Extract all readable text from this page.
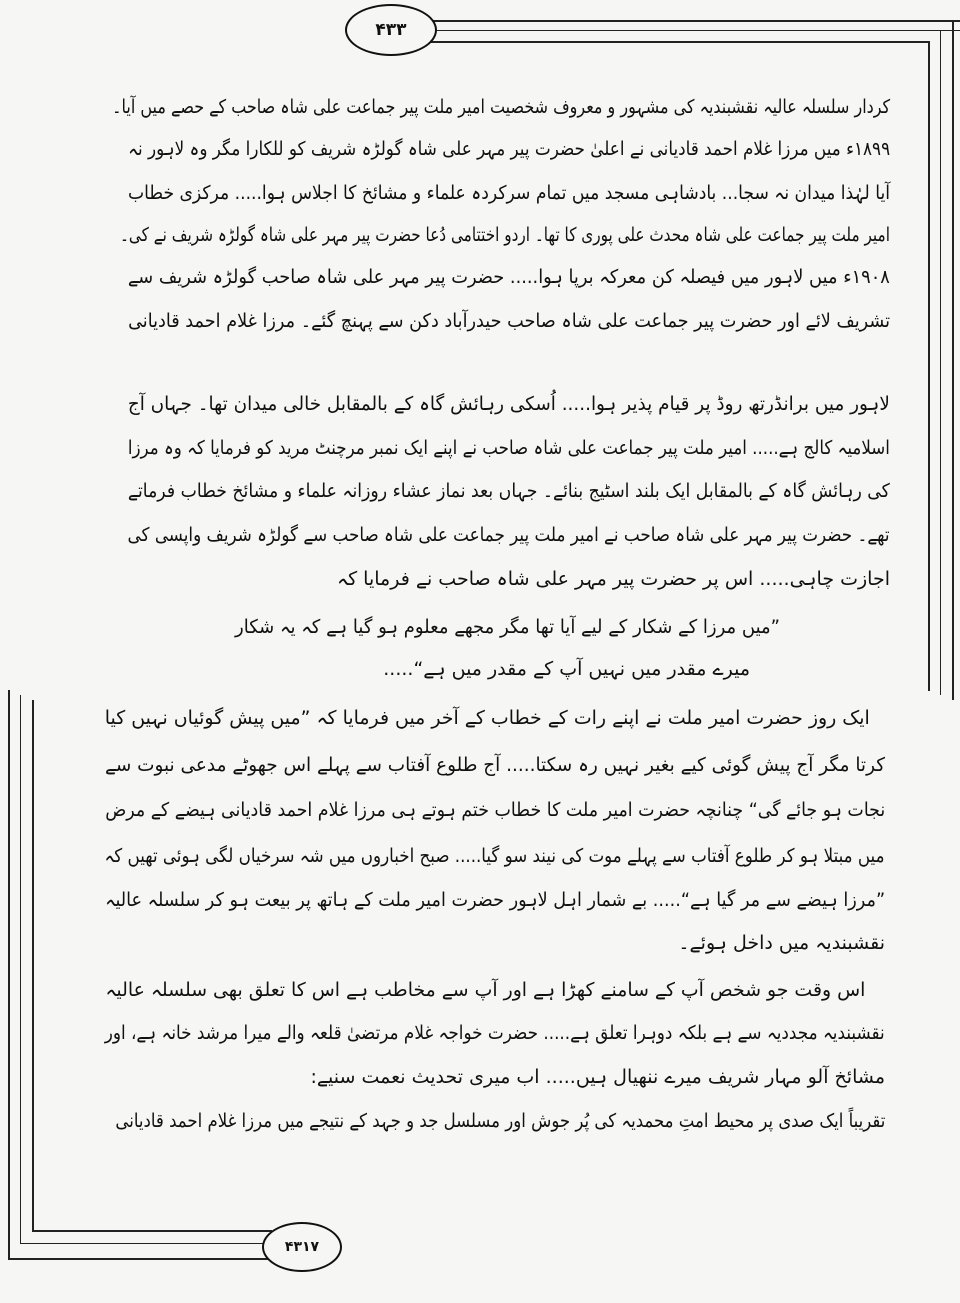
۴۳۳
۴۳۱۷
کردار سلسلہ عالیہ نقشبندیہ کی مشہور و معروف شخصیت امیر ملت پیر جماعت علی شاہ صاحب کے حصے میں آیا۔
۱۸۹۹ء میں مرزا غلام احمد قادیانی نے اعلیٰ حضرت پیر مہر علی شاہ گولڑہ شریف کو للکارا مگر وہ لاہور نہ
آیا لہٰذا میدان نہ سجا... بادشاہی مسجد میں تمام سرکردہ علماء و مشائخ کا اجلاس ہوا..... مرکزی خطاب
امیر ملت پیر جماعت علی شاہ محدث علی پوری کا تھا۔ اردو اختتامی دُعا حضرت پیر مہر علی شاہ گولڑہ شریف نے کی۔
۱۹۰۸ء میں لاہور میں فیصلہ کن معرکہ برپا ہوا..... حضرت پیر مہر علی شاہ صاحب گولڑہ شریف سے
تشریف لائے اور حضرت پیر جماعت علی شاہ صاحب حیدرآباد دکن سے پہنچ گئے۔ مرزا غلام احمد قادیانی
لاہور میں برانڈرتھ روڈ پر قیام پذیر ہوا..... اُسکی رہائش گاہ کے بالمقابل خالی میدان تھا۔ جہاں آج
اسلامیہ کالج ہے..... امیر ملت پیر جماعت علی شاہ صاحب نے اپنے ایک نمبر مرچنٹ مرید کو فرمایا کہ وہ مرزا
کی رہائش گاہ کے بالمقابل ایک بلند اسٹیج بنائے۔ جہاں بعد نماز عشاء روزانہ علماء و مشائخ خطاب فرماتے
تھے۔ حضرت پیر مہر علی شاہ صاحب نے امیر ملت پیر جماعت علی شاہ صاحب سے گولڑہ شریف واپسی کی
اجازت چاہی..... اس پر حضرت پیر مہر علی شاہ صاحب نے فرمایا کہ
”میں مرزا کے شکار کے لیے آیا تھا مگر مجھے معلوم ہو گیا ہے کہ یہ شکار
میرے مقدر میں نہیں آپ کے مقدر میں ہے“.....
ایک روز حضرت امیر ملت نے اپنے رات کے خطاب کے آخر میں فرمایا کہ ”میں پیش گوئیاں نہیں کیا
کرتا مگر آج پیش گوئی کیے بغیر نہیں رہ سکتا..... آج طلوع آفتاب سے پہلے اس جھوٹے مدعی نبوت سے
نجات ہو جائے گی“ چنانچہ حضرت امیر ملت کا خطاب ختم ہوتے ہی مرزا غلام احمد قادیانی ہیضے کے مرض
میں مبتلا ہو کر طلوع آفتاب سے پہلے موت کی نیند سو گیا..... صبح اخباروں میں شہ سرخیاں لگی ہوئی تھیں کہ
”مرزا ہیضے سے مر گیا ہے“..... بے شمار اہل لاہور حضرت امیر ملت کے ہاتھ پر بیعت ہو کر سلسلہ عالیہ
نقشبندیہ میں داخل ہوئے۔
اس وقت جو شخص آپ کے سامنے کھڑا ہے اور آپ سے مخاطب ہے اس کا تعلق بھی سلسلہ عالیہ
نقشبندیہ مجددیہ سے ہے بلکہ دوہرا تعلق ہے..... حضرت خواجہ غلام مرتضیٰ قلعہ والے میرا مرشد خانہ ہے، اور
مشائخ آلو مہار شریف میرے ننھیال ہیں..... اب میری تحدیث نعمت سنیے:
تقریباً ایک صدی پر محیط امتِ محمدیہ کی پُر جوش اور مسلسل جد و جہد کے نتیجے میں مرزا غلام احمد قادیانی
